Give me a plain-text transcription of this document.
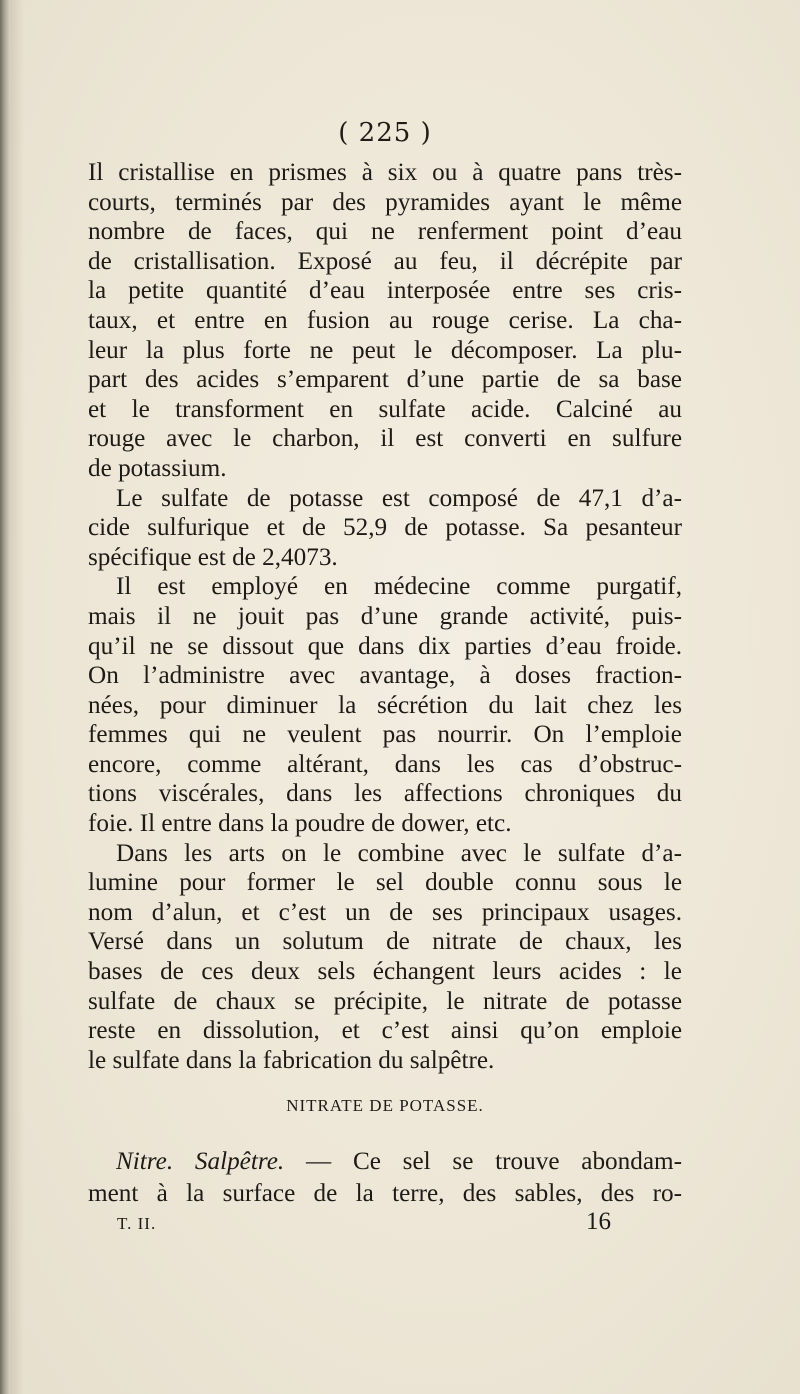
( 225 )
Il cristallise en prismes à six ou à quatre pans très-
courts, terminés par des pyramides ayant le même
nombre de faces, qui ne renferment point d’eau
de cristallisation. Exposé au feu, il décrépite par
la petite quantité d’eau interposée entre ses cris-
taux, et entre en fusion au rouge cerise. La cha-
leur la plus forte ne peut le décomposer. La plu-
part des acides s’emparent d’une partie de sa base
et le transforment en sulfate acide. Calciné au
rouge avec le charbon, il est converti en sulfure
de potassium.
Le sulfate de potasse est composé de 47,1 d’a-
cide sulfurique et de 52,9 de potasse. Sa pesanteur
spécifique est de 2,4073.
Il est employé en médecine comme purgatif,
mais il ne jouit pas d’une grande activité, puis-
qu’il ne se dissout que dans dix parties d’eau froide.
On l’administre avec avantage, à doses fraction-
nées, pour diminuer la sécrétion du lait chez les
femmes qui ne veulent pas nourrir. On l’emploie
encore, comme altérant, dans les cas d’obstruc-
tions viscérales, dans les affections chroniques du
foie. Il entre dans la poudre de dower, etc.
Dans les arts on le combine avec le sulfate d’a-
lumine pour former le sel double connu sous le
nom d’alun, et c’est un de ses principaux usages.
Versé dans un solutum de nitrate de chaux, les
bases de ces deux sels échangent leurs acides : le
sulfate de chaux se précipite, le nitrate de potasse
reste en dissolution, et c’est ainsi qu’on emploie
le sulfate dans la fabrication du salpêtre.
NITRATE DE POTASSE.
Nitre. Salpêtre. — Ce sel se trouve abondam-
ment à la surface de la terre, des sables, des ro-
T. II.	16
